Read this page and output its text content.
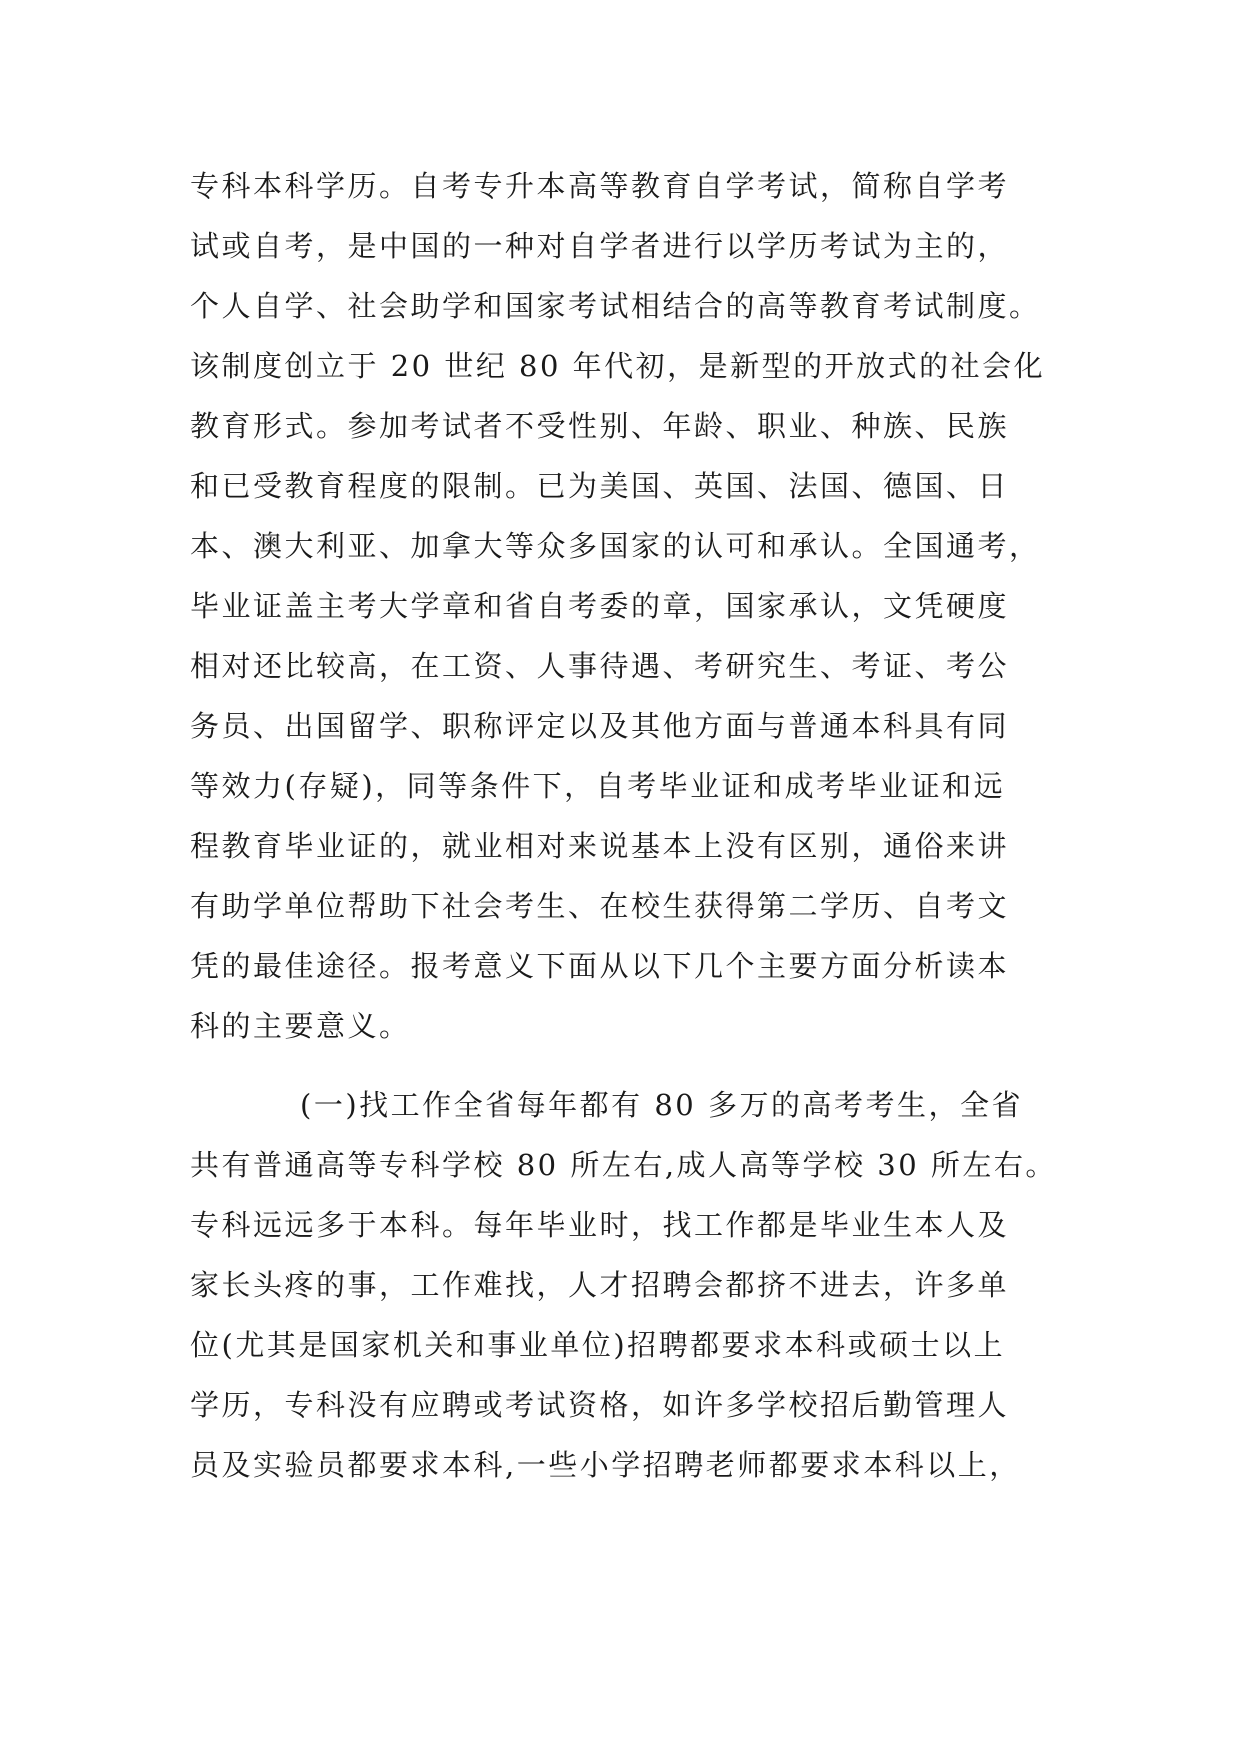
专科本科学历。自考专升本高等教育自学考试，简称自学考
试或自考，是中国的一种对自学者进行以学历考试为主的，
个人自学、社会助学和国家考试相结合的高等教育考试制度。
该制度创立于 20 世纪 80 年代初，是新型的开放式的社会化
教育形式。参加考试者不受性别、年龄、职业、种族、民族
和已受教育程度的限制。已为美国、英国、法国、德国、日
本、澳大利亚、加拿大等众多国家的认可和承认。全国通考，
毕业证盖主考大学章和省自考委的章，国家承认，文凭硬度
相对还比较高，在工资、人事待遇、考研究生、考证、考公
务员、出国留学、职称评定以及其他方面与普通本科具有同
等效力(存疑)，同等条件下，自考毕业证和成考毕业证和远
程教育毕业证的，就业相对来说基本上没有区别，通俗来讲
有助学单位帮助下社会考生、在校生获得第二学历、自考文
凭的最佳途径。报考意义下面从以下几个主要方面分析读本
科的主要意义。
(一)找工作全省每年都有 80 多万的高考考生，全省
共有普通高等专科学校 80 所左右,成人高等学校 30 所左右。
专科远远多于本科。每年毕业时，找工作都是毕业生本人及
家长头疼的事，工作难找，人才招聘会都挤不进去，许多单
位(尤其是国家机关和事业单位)招聘都要求本科或硕士以上
学历，专科没有应聘或考试资格，如许多学校招后勤管理人
员及实验员都要求本科,一些小学招聘老师都要求本科以上，
